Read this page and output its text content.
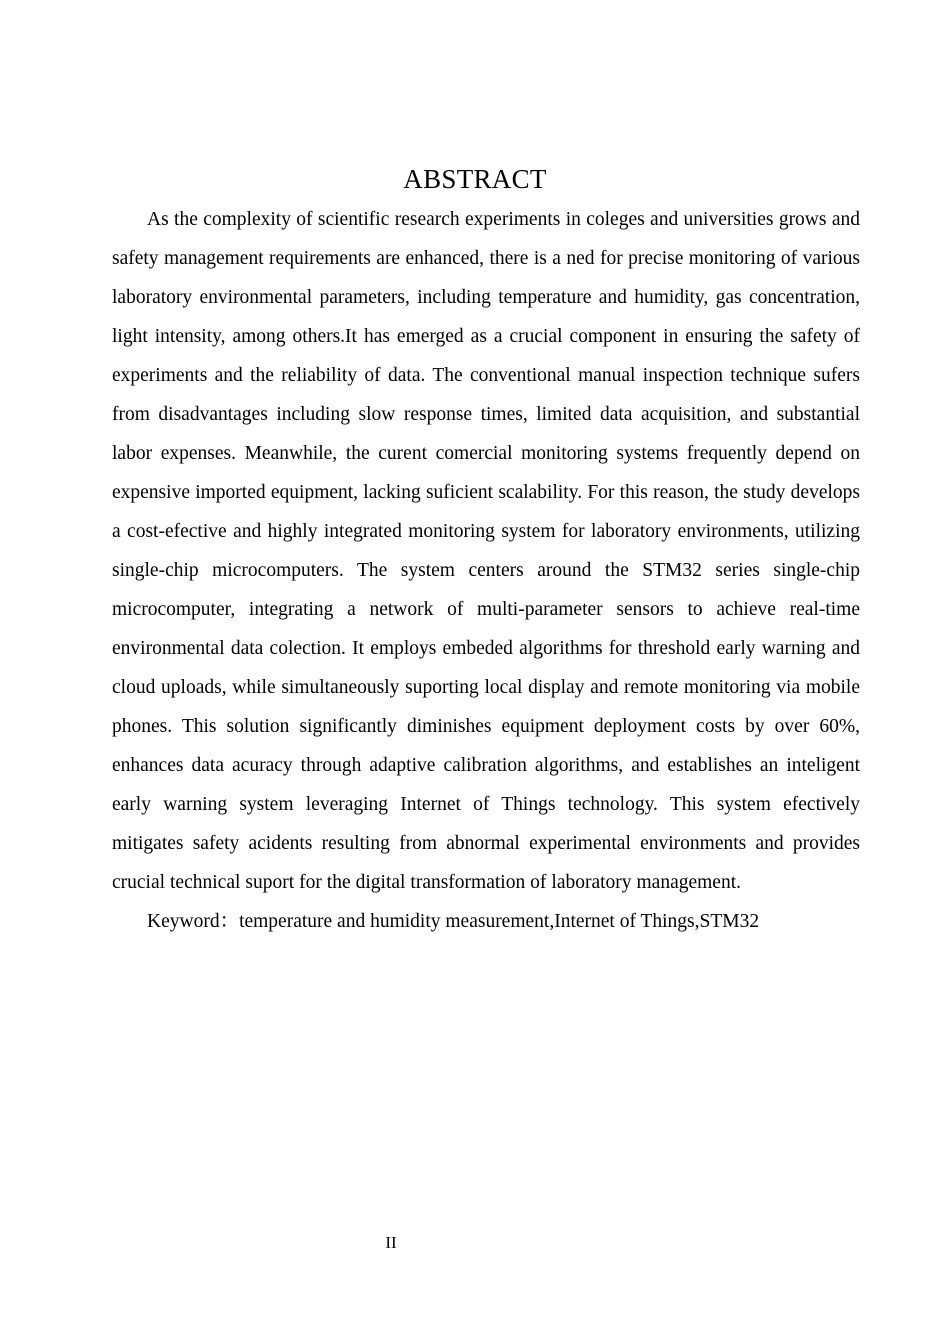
ABSTRACT

As the complexity of scientific research experiments in coleges and universities grows and safety management requirements are enhanced, there is a ned for precise monitoring of various laboratory environmental parameters, including temperature and humidity, gas concentration, light intensity, among others.It has emerged as a crucial component in ensuring the safety of experiments and the reliability of data. The conventional manual inspection technique sufers from disadvantages including slow response times, limited data acquisition, and substantial labor expenses. Meanwhile, the curent comercial monitoring systems frequently depend on expensive imported equipment, lacking suficient scalability. For this reason, the study develops a cost-efective and highly integrated monitoring system for laboratory environments, utilizing single-chip microcomputers. The system centers around the STM32 series single-chip microcomputer, integrating a network of multi-parameter sensors to achieve real-time environmental data colection. It employs embeded algorithms for threshold early warning and cloud uploads, while simultaneously suporting local display and remote monitoring via mobile phones. This solution significantly diminishes equipment deployment costs by over 60%, enhances data acuracy through adaptive calibration algorithms, and establishes an inteligent early warning system leveraging Internet of Things technology. This system efectively mitigates safety acidents resulting from abnormal experimental environments and provides crucial technical suport for the digital transformation of laboratory management.

Keyword：temperature and humidity measurement,Internet of Things,STM32

II
